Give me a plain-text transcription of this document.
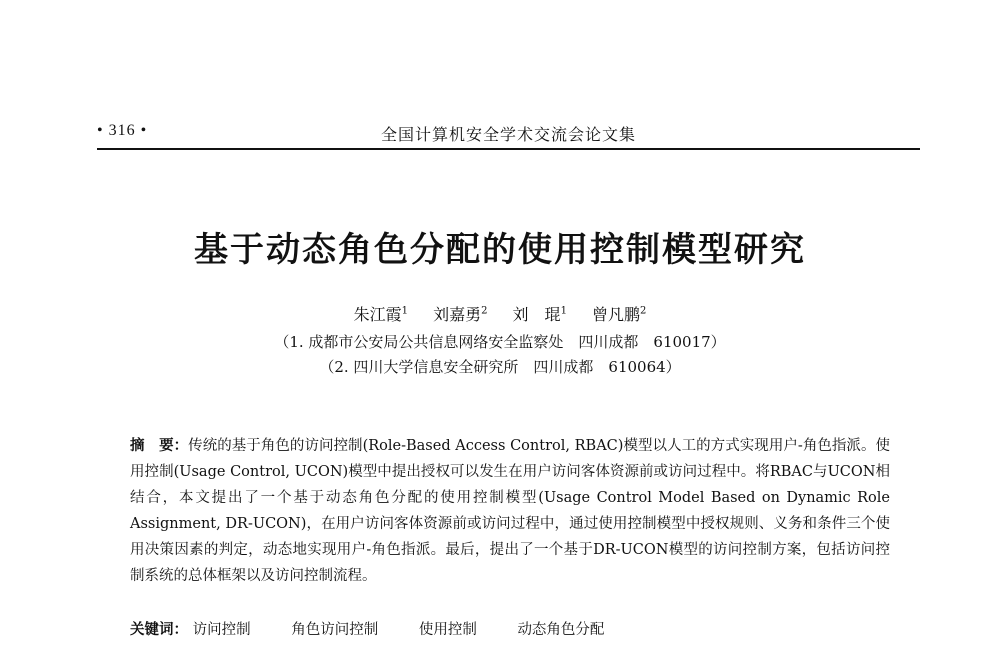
• 316 •	全国计算机安全学术交流会论文集
基于动态角色分配的使用控制模型研究
朱江霞$^1$ 刘嘉勇$^2$ 刘　琨$^1$ 曾凡鹏$^2$
（1. 成都市公安局公共信息网络安全监察处　四川成都　610017）
（2. 四川大学信息安全研究所　四川成都　610064）
摘　要：传统的基于角色的访问控制(Role-Based Access Control, RBAC)模型以人工的方式实现用户-角色指派。使用控制(Usage Control, UCON)模型中提出授权可以发生在用户访问客体资源前或访问过程中。将RBAC与UCON相结合，本文提出了一个基于动态角色分配的使用控制模型(Usage Control Model Based on Dynamic Role Assignment, DR-UCON)，在用户访问客体资源前或访问过程中，通过使用控制模型中授权规则、义务和条件三个使用决策因素的判定，动态地实现用户-角色指派。最后，提出了一个基于DR-UCON模型的访问控制方案，包括访问控制系统的总体框架以及访问控制流程。
关键词： 访问控制	角色访问控制	使用控制	动态角色分配
